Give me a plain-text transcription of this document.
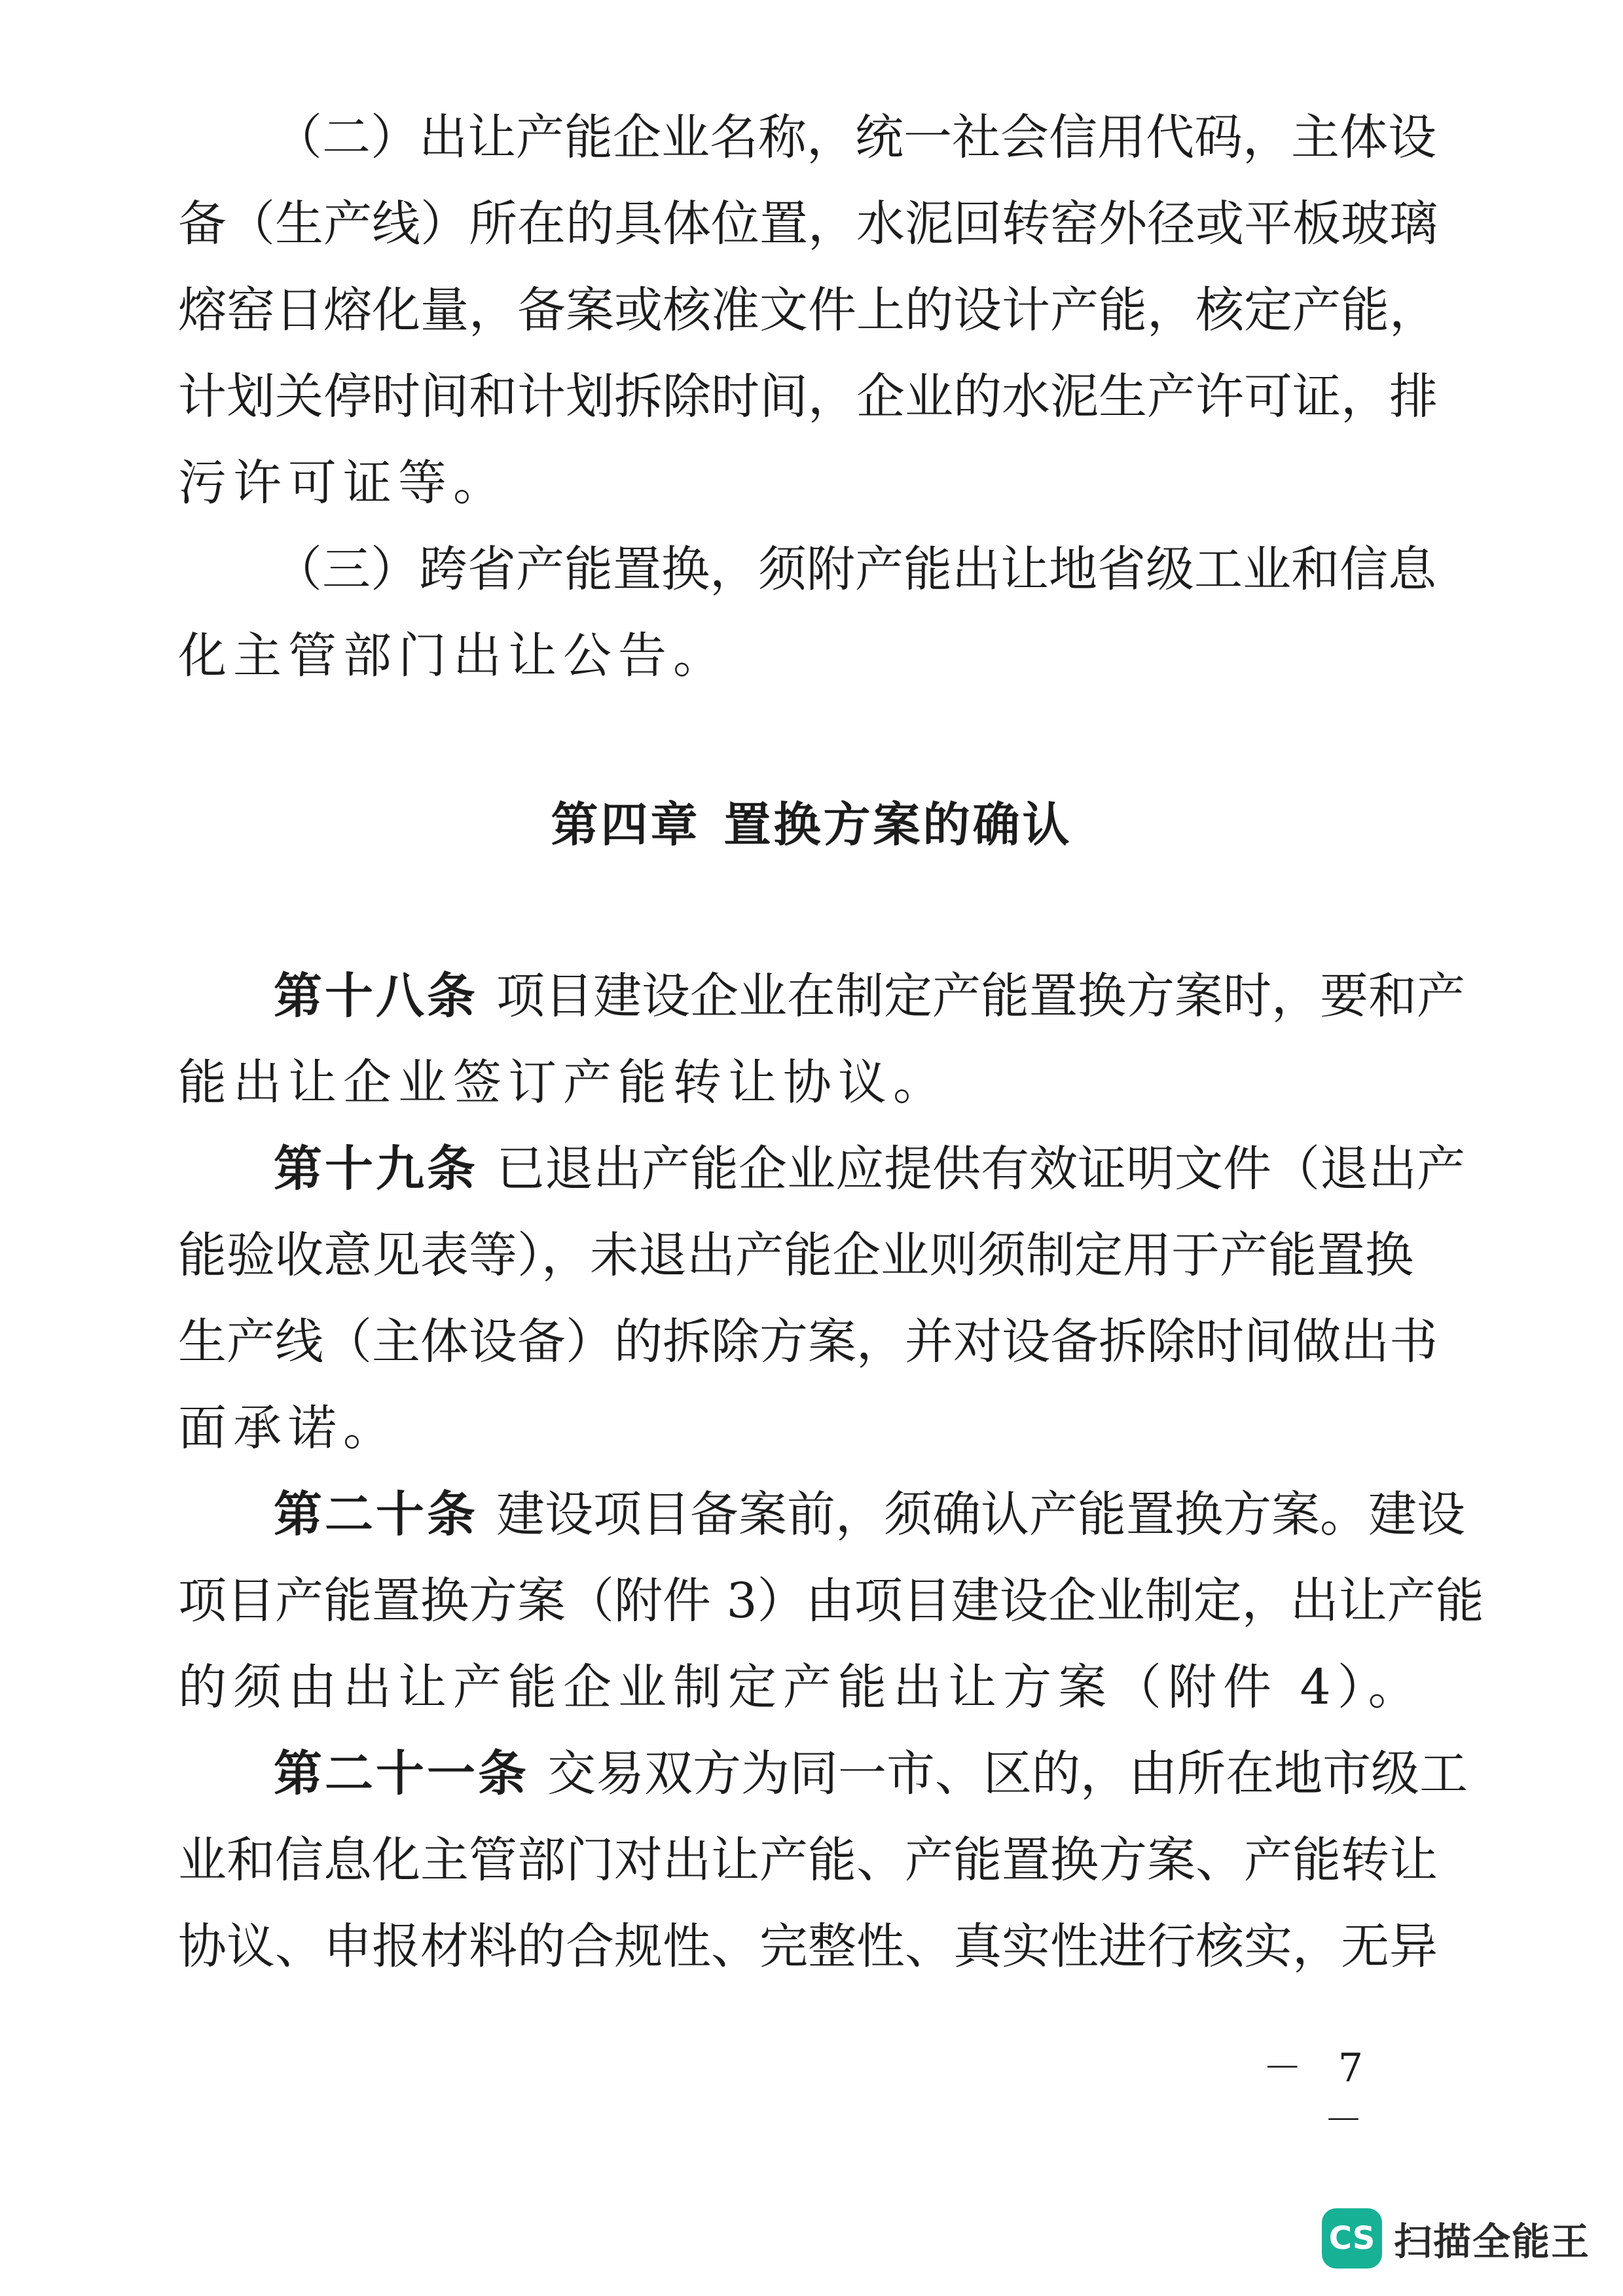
（二）出让产能企业名称，统一社会信用代码，主体设
备（生产线）所在的具体位置，水泥回转窑外径或平板玻璃
熔窑日熔化量，备案或核准文件上的设计产能，核定产能，
计划关停时间和计划拆除时间，企业的水泥生产许可证，排
污许可证等。
（三）跨省产能置换，须附产能出让地省级工业和信息
化主管部门出让公告。
第四章 置换方案的确认
第十八条 项目建设企业在制定产能置换方案时，要和产
能出让企业签订产能转让协议。
第十九条 已退出产能企业应提供有效证明文件（退出产
能验收意见表等），未退出产能企业则须制定用于产能置换
生产线（主体设备）的拆除方案，并对设备拆除时间做出书
面承诺。
第二十条 建设项目备案前，须确认产能置换方案。建设
项目产能置换方案（附件 3）由项目建设企业制定，出让产能
的须由出让产能企业制定产能出让方案（附件 4）。
第二十一条 交易双方为同一市、区的，由所在地市级工
业和信息化主管部门对出让产能、产能置换方案、产能转让
协议、申报材料的合规性、完整性、真实性进行核实，无异
－ 7 －
CS 扫描全能王
